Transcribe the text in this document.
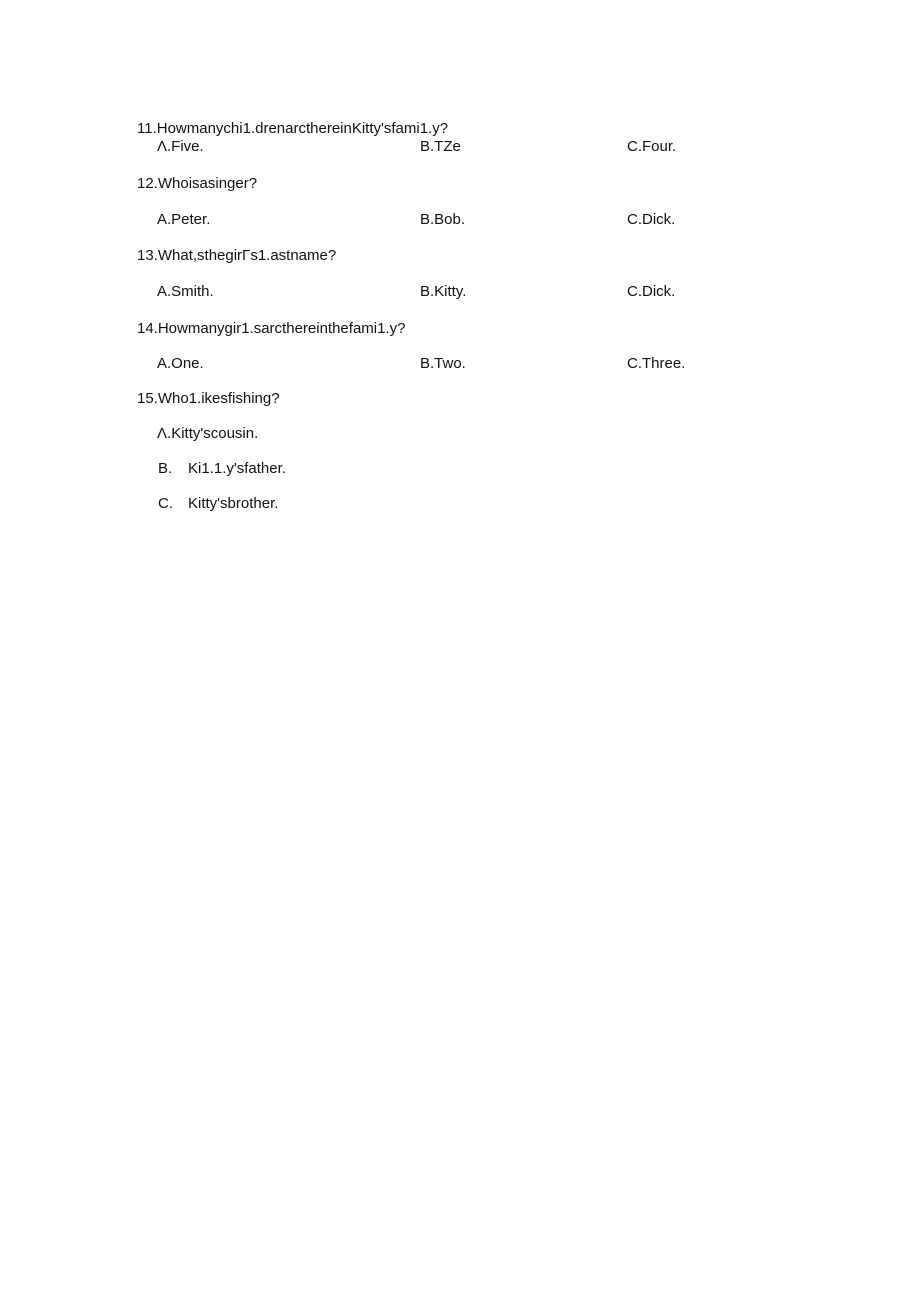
11.Howmanychi1.drenarcthereinKitty'sfami1.y?
Λ.Five.	B.TZe	C.Four.
12.Whoisasinger?
A.Peter.	B.Bob.	C.Dick.
13.What,sthegirΓs1.astname?
A.Smith.	B.Kitty.	C.Dick.
14.Howmanygir1.sarcthereinthefami1.y?
A.One.	B.Two.	C.Three.
15.Who1.ikesfishing?
Λ.Kitty'scousin.
B. Ki1.1.y'sfather.
C. Kitty'sbrother.
